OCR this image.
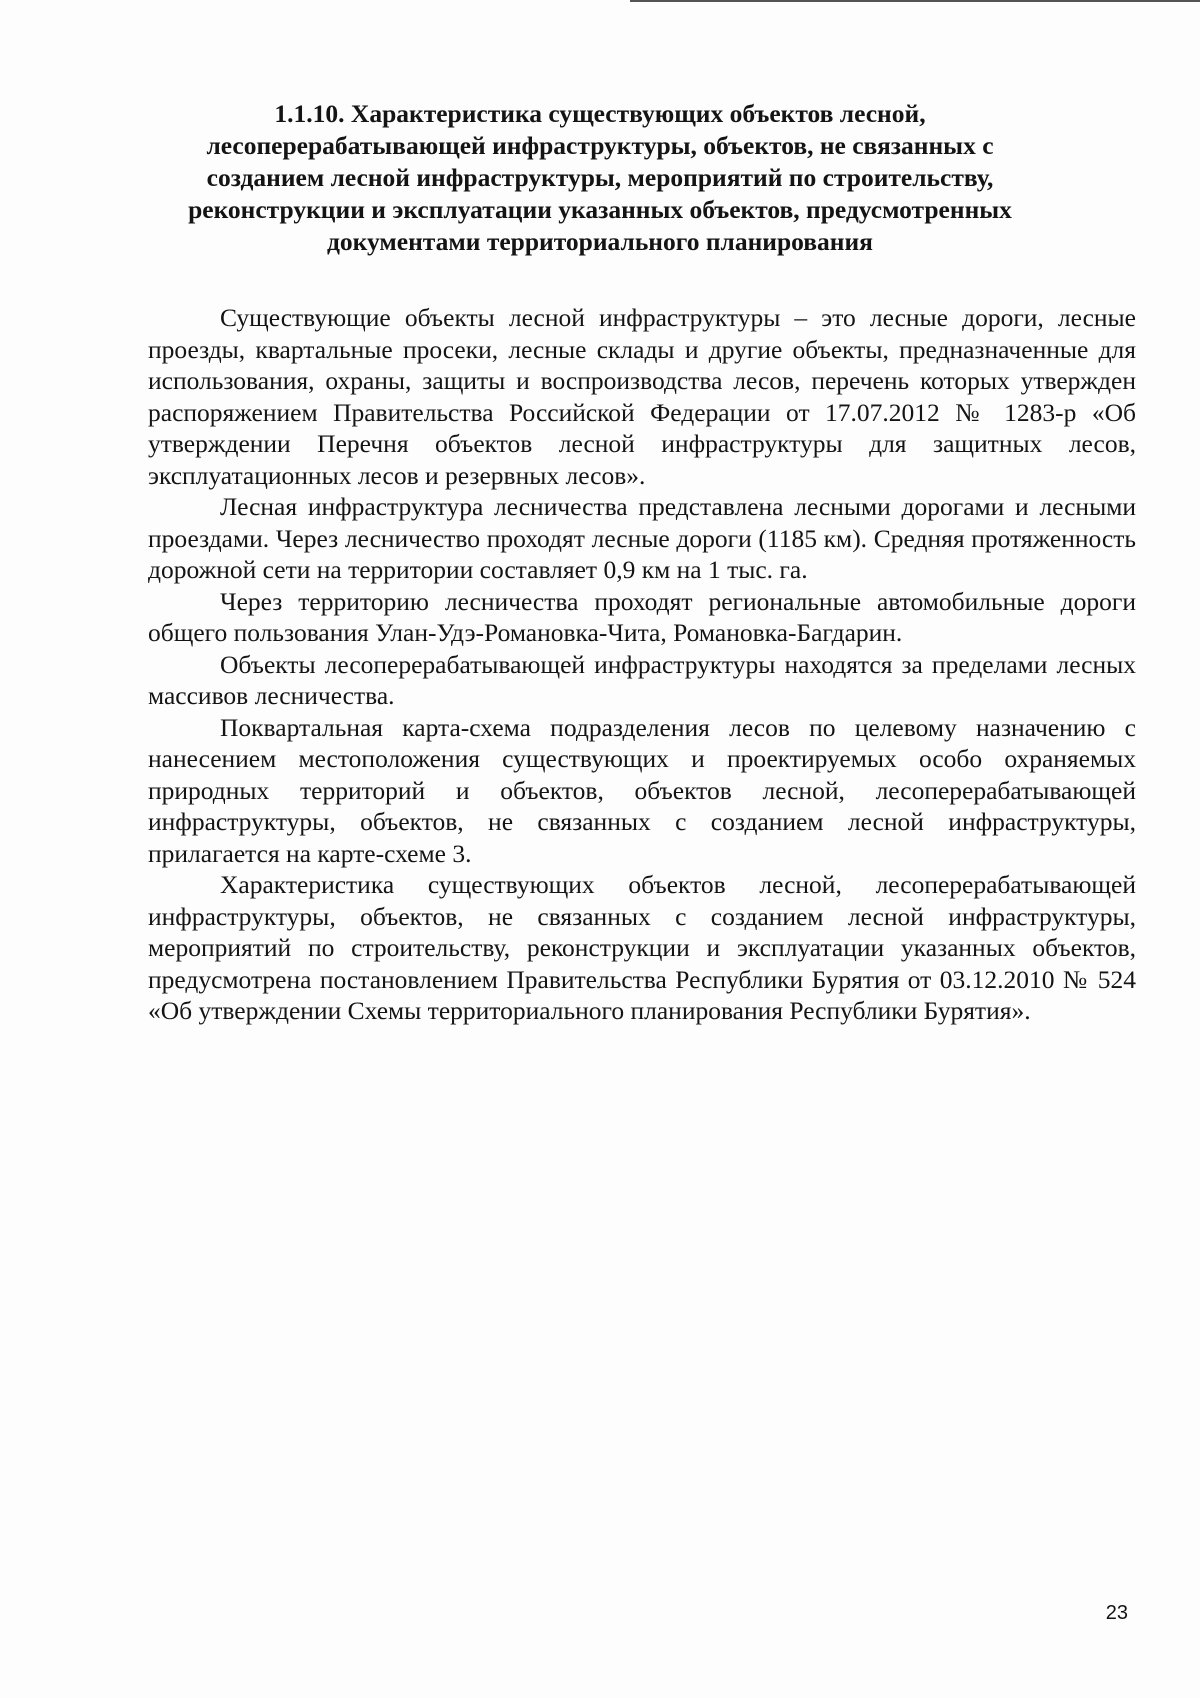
1.1.10. Характеристика существующих объектов лесной,
лесоперерабатывающей инфраструктуры, объектов, не связанных с
созданием лесной инфраструктуры, мероприятий по строительству,
реконструкции и эксплуатации указанных объектов, предусмотренных
документами территориального планирования

Существующие объекты лесной инфраструктуры – это лесные дороги, лесные проезды, квартальные просеки, лесные склады и другие объекты, предназначенные для использования, охраны, защиты и воспроизводства лесов, перечень которых утвержден распоряжением Правительства Российской Федерации от 17.07.2012 № 1283-р «Об утверждении Перечня объектов лесной инфраструктуры для защитных лесов, эксплуатационных лесов и резервных лесов».

Лесная инфраструктура лесничества представлена лесными дорогами и лесными проездами. Через лесничество проходят лесные дороги (1185 км). Средняя протяженность дорожной сети на территории составляет 0,9 км на 1 тыс. га.

Через территорию лесничества проходят региональные автомобильные дороги общего пользования Улан-Удэ-Романовка-Чита, Романовка-Багдарин.

Объекты лесоперерабатывающей инфраструктуры находятся за пределами лесных массивов лесничества.

Поквартальная карта-схема подразделения лесов по целевому назначению с нанесением местоположения существующих и проектируемых особо охраняемых природных территорий и объектов, объектов лесной, лесоперерабатывающей инфраструктуры, объектов, не связанных с созданием лесной инфраструктуры, прилагается на карте-схеме 3.

Характеристика существующих объектов лесной, лесоперерабатывающей инфраструктуры, объектов, не связанных с созданием лесной инфраструктуры, мероприятий по строительству, реконструкции и эксплуатации указанных объектов, предусмотрена постановлением Правительства Республики Бурятия от 03.12.2010 № 524 «Об утверждении Схемы территориального планирования Республики Бурятия».

23
